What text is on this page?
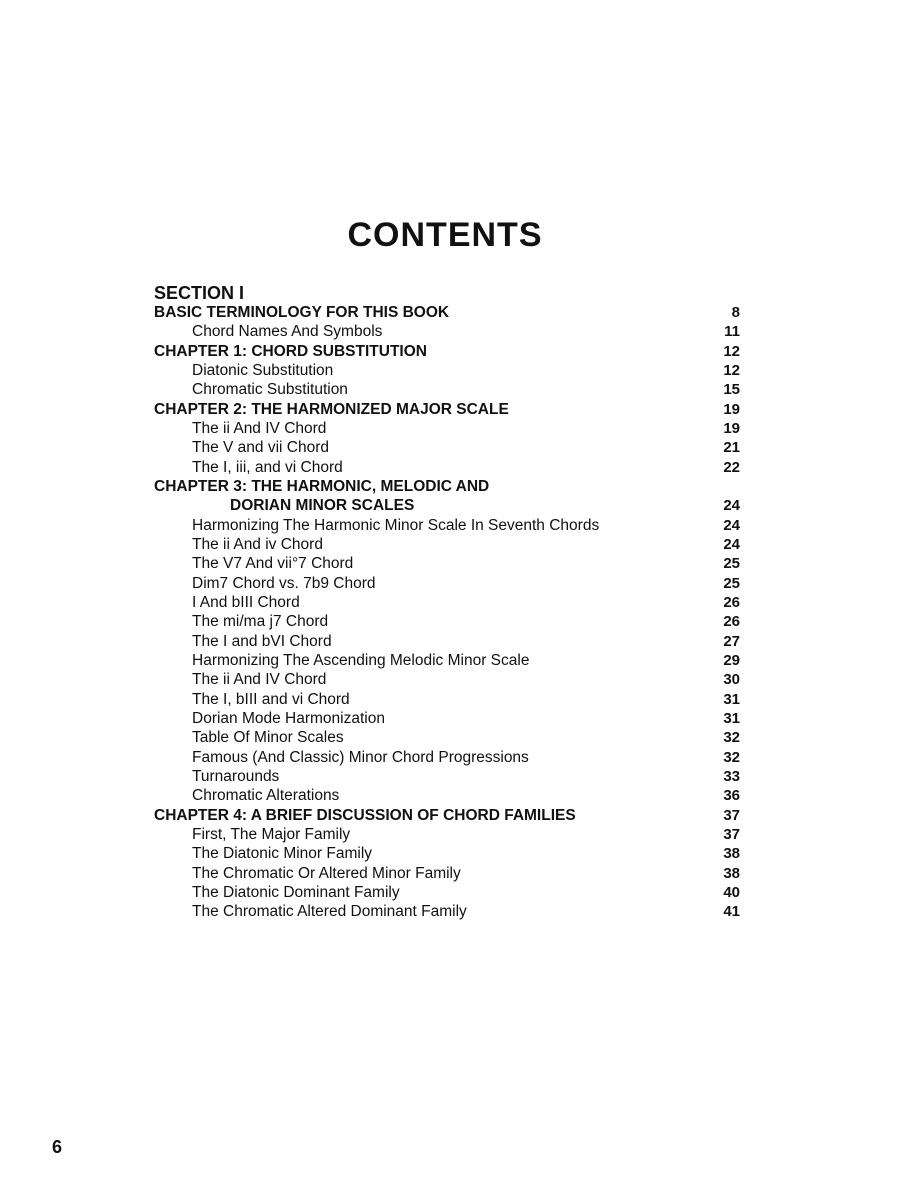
CONTENTS
SECTION I
BASIC TERMINOLOGY FOR THIS BOOK	8
Chord Names And Symbols	11
CHAPTER 1: CHORD SUBSTITUTION	12
Diatonic Substitution	12
Chromatic Substitution	15
CHAPTER 2: THE HARMONIZED MAJOR SCALE	19
The ii And IV Chord	19
The V and vii Chord	21
The I, iii, and vi Chord	22
CHAPTER 3: THE HARMONIC, MELODIC AND
DORIAN MINOR SCALES	24
Harmonizing The Harmonic Minor Scale In Seventh Chords	24
The ii And iv Chord	24
The V7 And vii°7 Chord	25
Dim7 Chord vs. 7b9 Chord	25
I And bIII Chord	26
The mi/ma j7 Chord	26
The I and bVI Chord	27
Harmonizing The Ascending Melodic Minor Scale	29
The ii And IV Chord	30
The I, bIII and vi Chord	31
Dorian Mode Harmonization	31
Table Of Minor Scales	32
Famous (And Classic) Minor Chord Progressions	32
Turnarounds	33
Chromatic Alterations	36
CHAPTER 4: A BRIEF DISCUSSION OF CHORD FAMILIES	37
First, The Major Family	37
The Diatonic Minor Family	38
The Chromatic Or Altered Minor Family	38
The Diatonic Dominant Family	40
The Chromatic Altered Dominant Family	41
6
